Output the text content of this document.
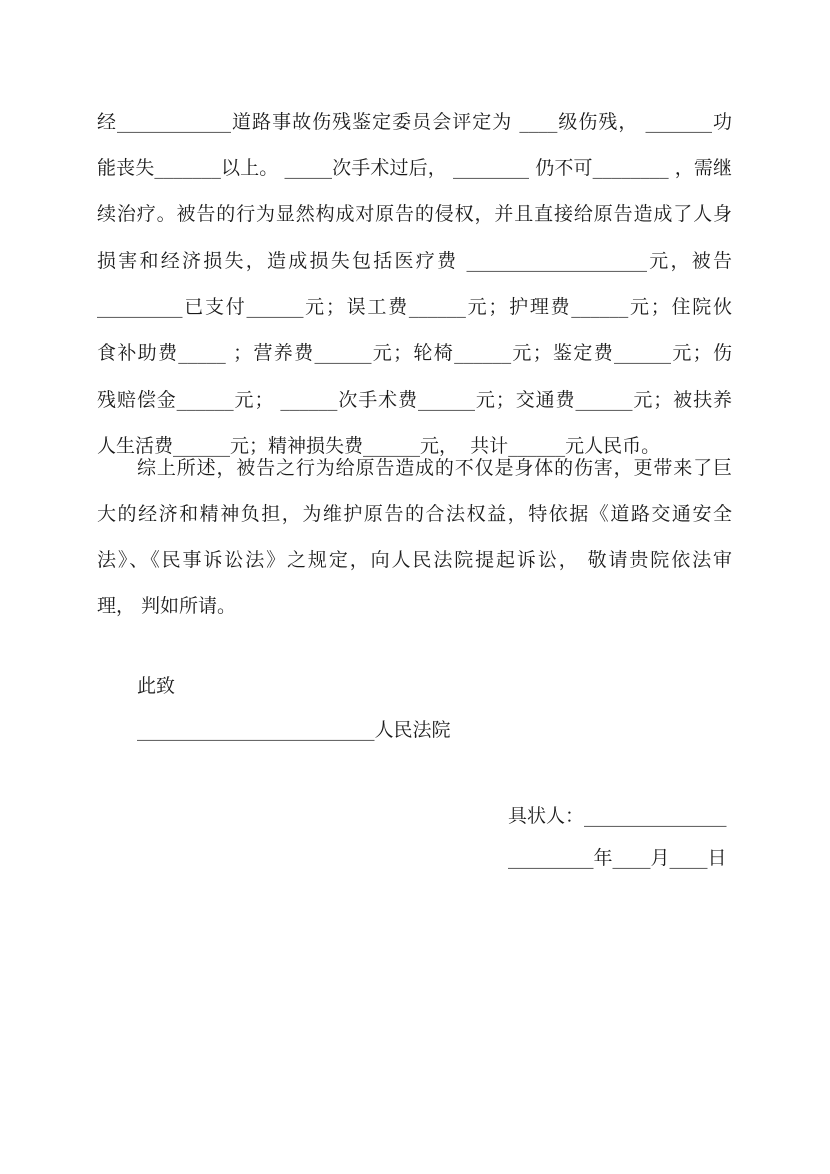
经____________道路事故伤残鉴定委员会评定为 ____级伤残， _______功
能丧失_______以上。 _____次手术过后， ________ 仍不可________ ，需继
续治疗。被告的行为显然构成对原告的侵权，并且直接给原告造成了人身
损害和经济损失，造成损失包括医疗费 ___________________元，被告
_________已支付______元；误工费______元；护理费______元；住院伙
食补助费_____ ；营养费______元；轮椅______元；鉴定费______元；伤
残赔偿金______元； ______次手术费______元；交通费______元；被扶养
人生活费______元；精神损失费______元，  共计______元人民币。
综上所述，被告之行为给原告造成的不仅是身体的伤害，更带来了巨
大的经济和精神负担，为维护原告的合法权益，特依据《道路交通安全
法》、《民事诉讼法》之规定，向人民法院提起诉讼， 敬请贵院依法审
理， 判如所请。
此致
_________________________人民法院
具状人：_______________
_________年____月____日
